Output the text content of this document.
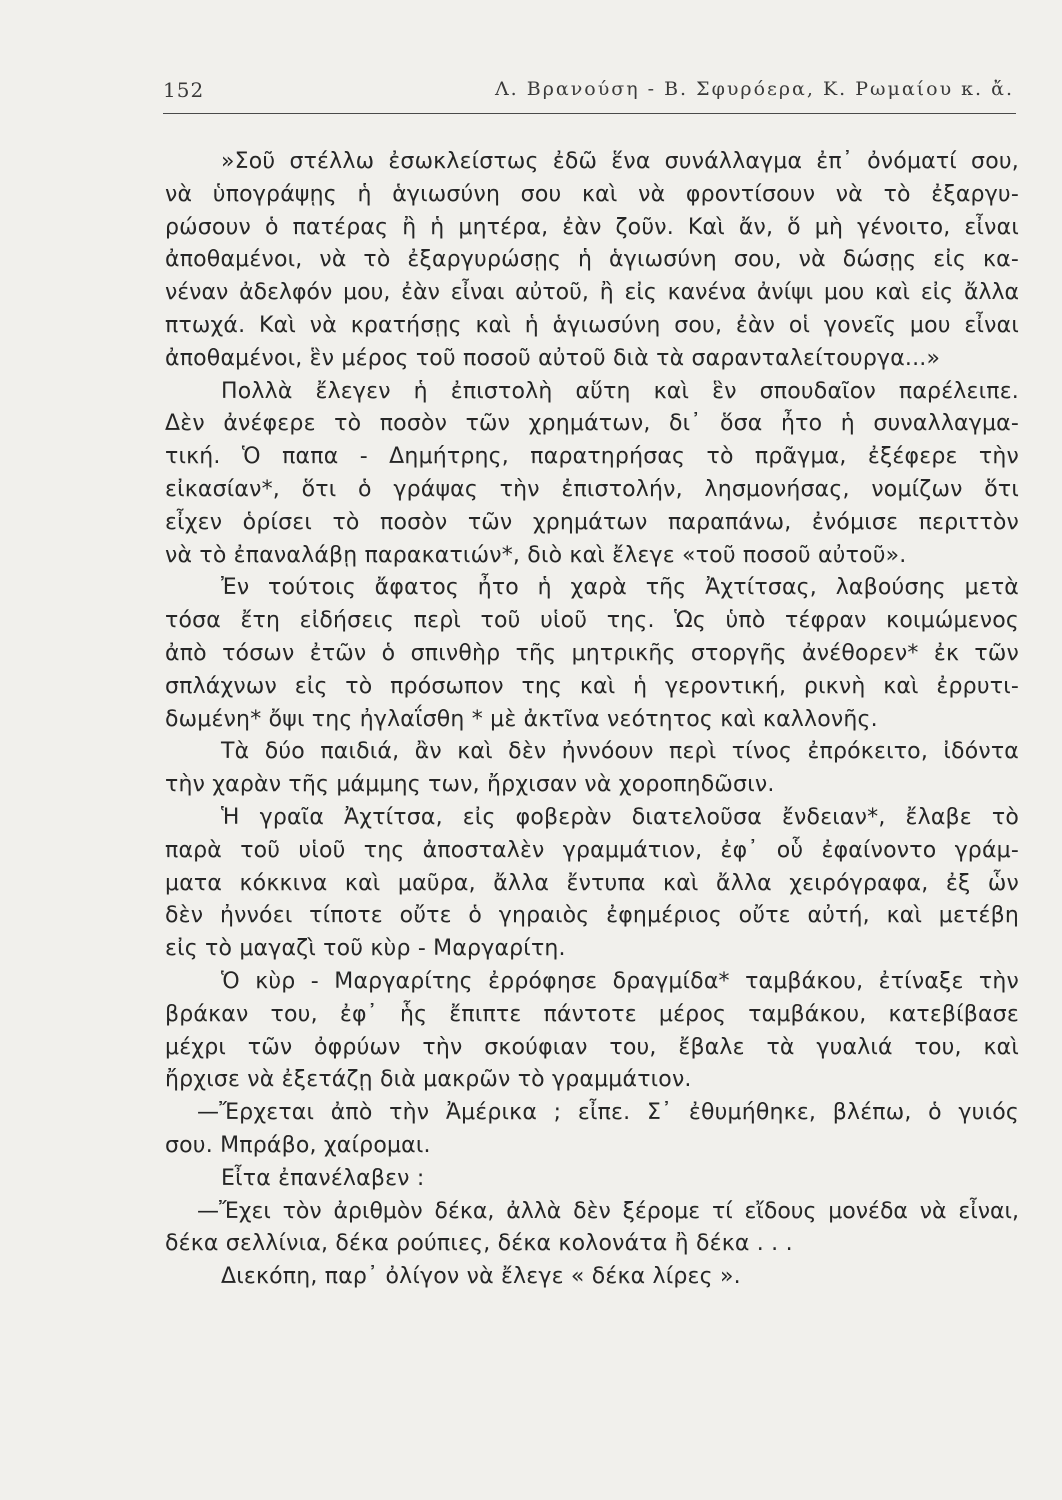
152	Λ. Βρανούση - Β. Σφυρόερα, Κ. Ρωμαίου κ. ἄ.
»Σοῦ στέλλω ἐσωκλείστως ἐδῶ ἕνα συνάλλαγμα ἐπ᾽ ὀνόματί σου,
νὰ ὑπογράψῃς ἡ ἁγιωσύνη σου καὶ νὰ φροντίσουν νὰ τὸ ἐξαργυ-
ρώσουν ὁ πατέρας ἢ ἡ μητέρα, ἐὰν ζοῦν. Καὶ ἄν, ὅ μὴ γένοιτο, εἶναι
ἀποθαμένοι, νὰ τὸ ἐξαργυρώσῃς ἡ ἁγιωσύνη σου, νὰ δώσῃς εἰς κα-
νέναν ἀδελφόν μου, ἐὰν εἶναι αὐτοῦ, ἢ εἰς κανένα ἀνίψι μου καὶ εἰς ἄλλα
πτωχά. Καὶ νὰ κρατήσῃς καὶ ἡ ἁγιωσύνη σου, ἐὰν οἱ γονεῖς μου εἶναι
ἀποθαμένοι, ἓν μέρος τοῦ ποσοῦ αὐτοῦ διὰ τὰ σαρανταλείτουργα...»
Πολλὰ ἔλεγεν ἡ ἐπιστολὴ αὕτη καὶ ἓν σπουδαῖον παρέλειπε.
Δὲν ἀνέφερε τὸ ποσὸν τῶν χρημάτων, δι᾽ ὅσα ἦτο ἡ συναλλαγμα-
τική. Ὁ παπα - Δημήτρης, παρατηρήσας τὸ πρᾶγμα, ἐξέφερε τὴν
εἰκασίαν*, ὅτι ὁ γράψας τὴν ἐπιστολήν, λησμονήσας, νομίζων ὅτι
εἶχεν ὁρίσει τὸ ποσὸν τῶν χρημάτων παραπάνω, ἐνόμισε περιττὸν
νὰ τὸ ἐπαναλάβῃ παρακατιών*, διὸ καὶ ἔλεγε «τοῦ ποσοῦ αὐτοῦ».
Ἐν τούτοις ἄφατος ἦτο ἡ χαρὰ τῆς Ἀχτίτσας, λαβούσης μετὰ
τόσα ἔτη εἰδήσεις περὶ τοῦ υἱοῦ της. Ὡς ὑπὸ τέφραν κοιμώμενος
ἀπὸ τόσων ἐτῶν ὁ σπινθὴρ τῆς μητρικῆς στοργῆς ἀνέθορεν* ἐκ τῶν
σπλάχνων εἰς τὸ πρόσωπον της καὶ ἡ γεροντική, ρικνὴ καὶ ἐρρυτι-
δωμένη* ὄψι της ἠγλαΐσθη * μὲ ἀκτῖνα νεότητος καὶ καλλονῆς.
Τὰ δύο παιδιά, ἂν καὶ δὲν ἠννόουν περὶ τίνος ἐπρόκειτο, ἰδόντα
τὴν χαρὰν τῆς μάμμης των, ἤρχισαν νὰ χοροπηδῶσιν.
Ἡ γραῖα Ἀχτίτσα, εἰς φοβερὰν διατελοῦσα ἔνδειαν*, ἔλαβε τὸ
παρὰ τοῦ υἱοῦ της ἀποσταλὲν γραμμάτιον, ἐφ᾽ οὗ ἐφαίνοντο γράμ-
ματα κόκκινα καὶ μαῦρα, ἄλλα ἔντυπα καὶ ἄλλα χειρόγραφα, ἐξ ὧν
δὲν ἠννόει τίποτε οὔτε ὁ γηραιὸς ἐφημέριος οὔτε αὐτή, καὶ μετέβη
εἰς τὸ μαγαζὶ τοῦ κὺρ - Μαργαρίτη.
Ὁ κὺρ - Μαργαρίτης ἐρρόφησε δραγμίδα* ταμβάκου, ἐτίναξε τὴν
βράκαν του, ἐφ᾽ ἧς ἔπιπτε πάντοτε μέρος ταμβάκου, κατεβίβασε
μέχρι τῶν ὀφρύων τὴν σκούφιαν του, ἔβαλε τὰ γυαλιά του, καὶ
ἤρχισε νὰ ἐξετάζῃ διὰ μακρῶν τὸ γραμμάτιον.
—Ἔρχεται ἀπὸ τὴν Ἀμέρικα ; εἶπε. Σ᾽ ἐθυμήθηκε, βλέπω, ὁ γυιός
σου. Μπράβο, χαίρομαι.
Εἶτα ἐπανέλαβεν :
—Ἔχει τὸν ἀριθμὸν δέκα, ἀλλὰ δὲν ξέρομε τί εἴδους μονέδα νὰ εἶναι,
δέκα σελλίνια, δέκα ρούπιες, δέκα κολονάτα ἢ δέκα . . .
Διεκόπη, παρ᾽ ὀλίγον νὰ ἔλεγε « δέκα λίρες ».
